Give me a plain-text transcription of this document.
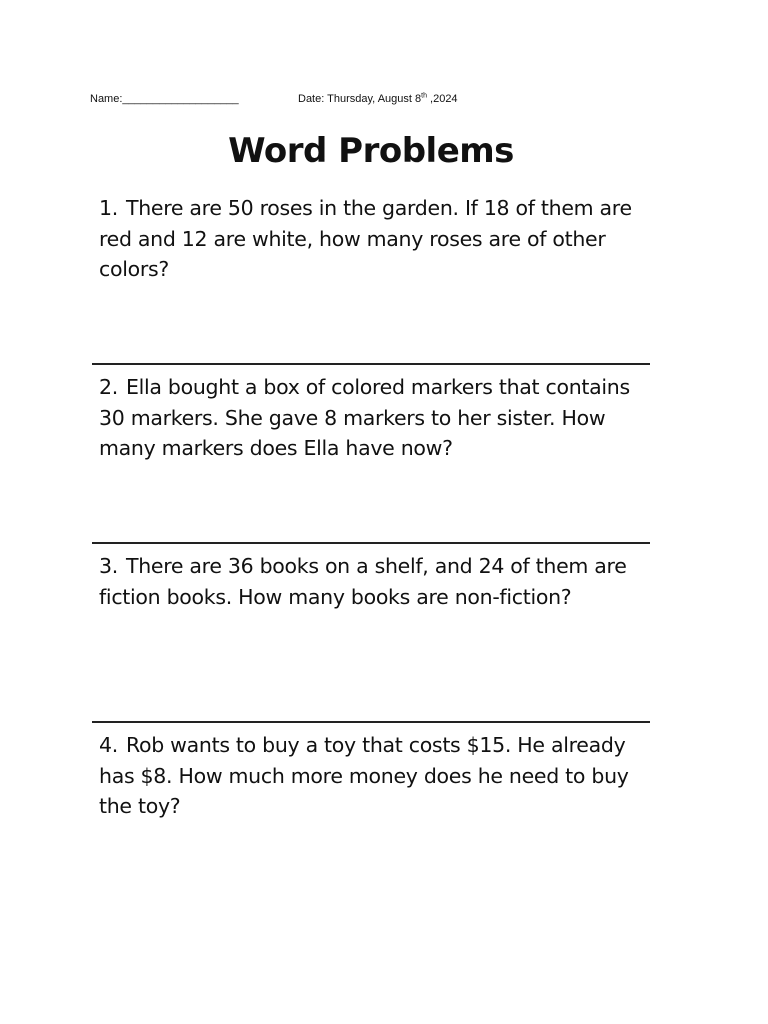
Name:___________________	Date: Thursday, August 8th ,2024
Word Problems
1. There are 50 roses in the garden. If 18 of them are red and 12 are white, how many roses are of other colors?
2. Ella bought a box of colored markers that contains 30 markers. She gave 8 markers to her sister. How many markers does Ella have now?
3. There are 36 books on a shelf, and 24 of them are fiction books. How many books are non-fiction?
4. Rob wants to buy a toy that costs $15. He already has $8. How much more money does he need to buy the toy?
